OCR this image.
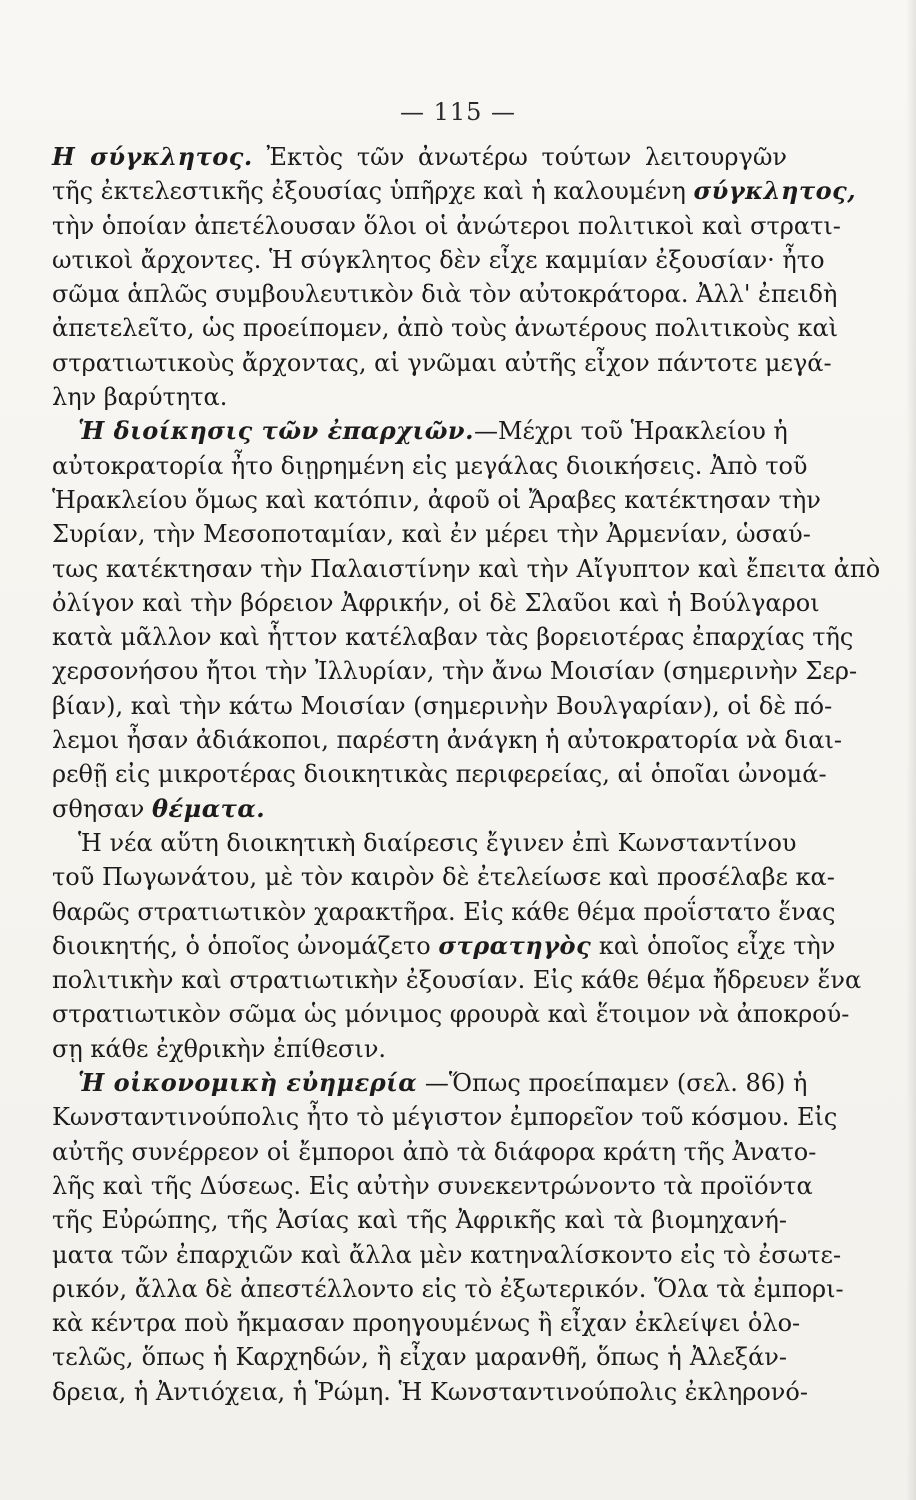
— 115 —
Η σύγκλητος. Ἐκτὸς τῶν ἀνωτέρω τούτων λειτουργῶν
τῆς ἐκτελεστικῆς ἐξουσίας ὑπῆρχε καὶ ἡ καλουμένη σύγκλητος,
τὴν ὁποίαν ἀπετέλουσαν ὅλοι οἱ ἀνώτεροι πολιτικοὶ καὶ στρατι-
ωτικοὶ ἄρχοντες. Ἡ σύγκλητος δὲν εἶχε καμμίαν ἐξουσίαν· ἦτο
σῶμα ἁπλῶς συμβουλευτικὸν διὰ τὸν αὐτοκράτορα. Ἀλλ' ἐπειδὴ
ἀπετελεῖτο, ὡς προείπομεν, ἀπὸ τοὺς ἀνωτέρους πολιτικοὺς καὶ
στρατιωτικοὺς ἄρχοντας, αἱ γνῶμαι αὐτῆς εἶχον πάντοτε μεγά-
λην βαρύτητα.
Ἡ διοίκησις τῶν ἐπαρχιῶν.—Μέχρι τοῦ Ἡρακλείου ἡ
αὐτοκρατορία ἦτο διῃρημένη εἰς μεγάλας διοικήσεις. Ἀπὸ τοῦ
Ἡρακλείου ὅμως καὶ κατόπιν, ἀφοῦ οἱ Ἄραβες κατέκτησαν τὴν
Συρίαν, τὴν Μεσοποταμίαν, καὶ ἐν μέρει τὴν Ἀρμενίαν, ὡσαύ-
τως κατέκτησαν τὴν Παλαιστίνην καὶ τὴν Αἴγυπτον καὶ ἔπειτα ἀπὸ
ὀλίγον καὶ τὴν βόρειον Ἀφρικήν, οἱ δὲ Σλαῦοι καὶ ἡ Βούλγαροι
κατὰ μᾶλλον καὶ ἧττον κατέλαβαν τὰς βορειοτέρας ἐπαρχίας τῆς
χερσονήσου ἤτοι τὴν Ἰλλυρίαν, τὴν ἄνω Μοισίαν (σημερινὴν Σερ-
βίαν), καὶ τὴν κάτω Μοισίαν (σημερινὴν Βουλγαρίαν), οἱ δὲ πό-
λεμοι ἦσαν ἀδιάκοποι, παρέστη ἀνάγκη ἡ αὐτοκρατορία νὰ διαι-
ρεθῇ εἰς μικροτέρας διοικητικὰς περιφερείας, αἱ ὁποῖαι ὠνομά-
σθησαν θέματα.
Ἡ νέα αὕτη διοικητικὴ διαίρεσις ἔγινεν ἐπὶ Κωνσταντίνου
τοῦ Πωγωνάτου, μὲ τὸν καιρὸν δὲ ἐτελείωσε καὶ προσέλαβε κα-
θαρῶς στρατιωτικὸν χαρακτῆρα. Εἰς κάθε θέμα προΐστατο ἕνας
διοικητής, ὁ ὁποῖος ὠνομάζετο στρατηγὸς καὶ ὁποῖος εἶχε τὴν
πολιτικὴν καὶ στρατιωτικὴν ἐξουσίαν. Εἰς κάθε θέμα ἤδρευεν ἕνα
στρατιωτικὸν σῶμα ὡς μόνιμος φρουρὰ καὶ ἕτοιμον νὰ ἀποκρού-
σῃ κάθε ἐχθρικὴν ἐπίθεσιν.
Ἡ οἰκονομικὴ εὐημερία —Ὅπως προείπαμεν (σελ. 86) ἡ
Κωνσταντινούπολις ἦτο τὸ μέγιστον ἐμπορεῖον τοῦ κόσμου. Εἰς
αὐτῆς συνέρρεον οἱ ἔμποροι ἀπὸ τὰ διάφορα κράτη τῆς Ἀνατο-
λῆς καὶ τῆς Δύσεως. Εἰς αὐτὴν συνεκεντρώνοντο τὰ προϊόντα
τῆς Εὐρώπης, τῆς Ἀσίας καὶ τῆς Ἀφρικῆς καὶ τὰ βιομηχανή-
ματα τῶν ἐπαρχιῶν καὶ ἄλλα μὲν κατηναλίσκοντο εἰς τὸ ἐσωτε-
ρικόν, ἄλλα δὲ ἀπεστέλλοντο εἰς τὸ ἐξωτερικόν. Ὅλα τὰ ἐμπορι-
κὰ κέντρα ποὺ ἤκμασαν προηγουμένως ἢ εἶχαν ἐκλείψει ὁλο-
τελῶς, ὅπως ἡ Καρχηδών, ἢ εἶχαν μαρανθῆ, ὅπως ἡ Ἀλεξάν-
δρεια, ἡ Ἀντιόχεια, ἡ Ῥώμη. Ἡ Κωνσταντινούπολις ἐκληρονό-
